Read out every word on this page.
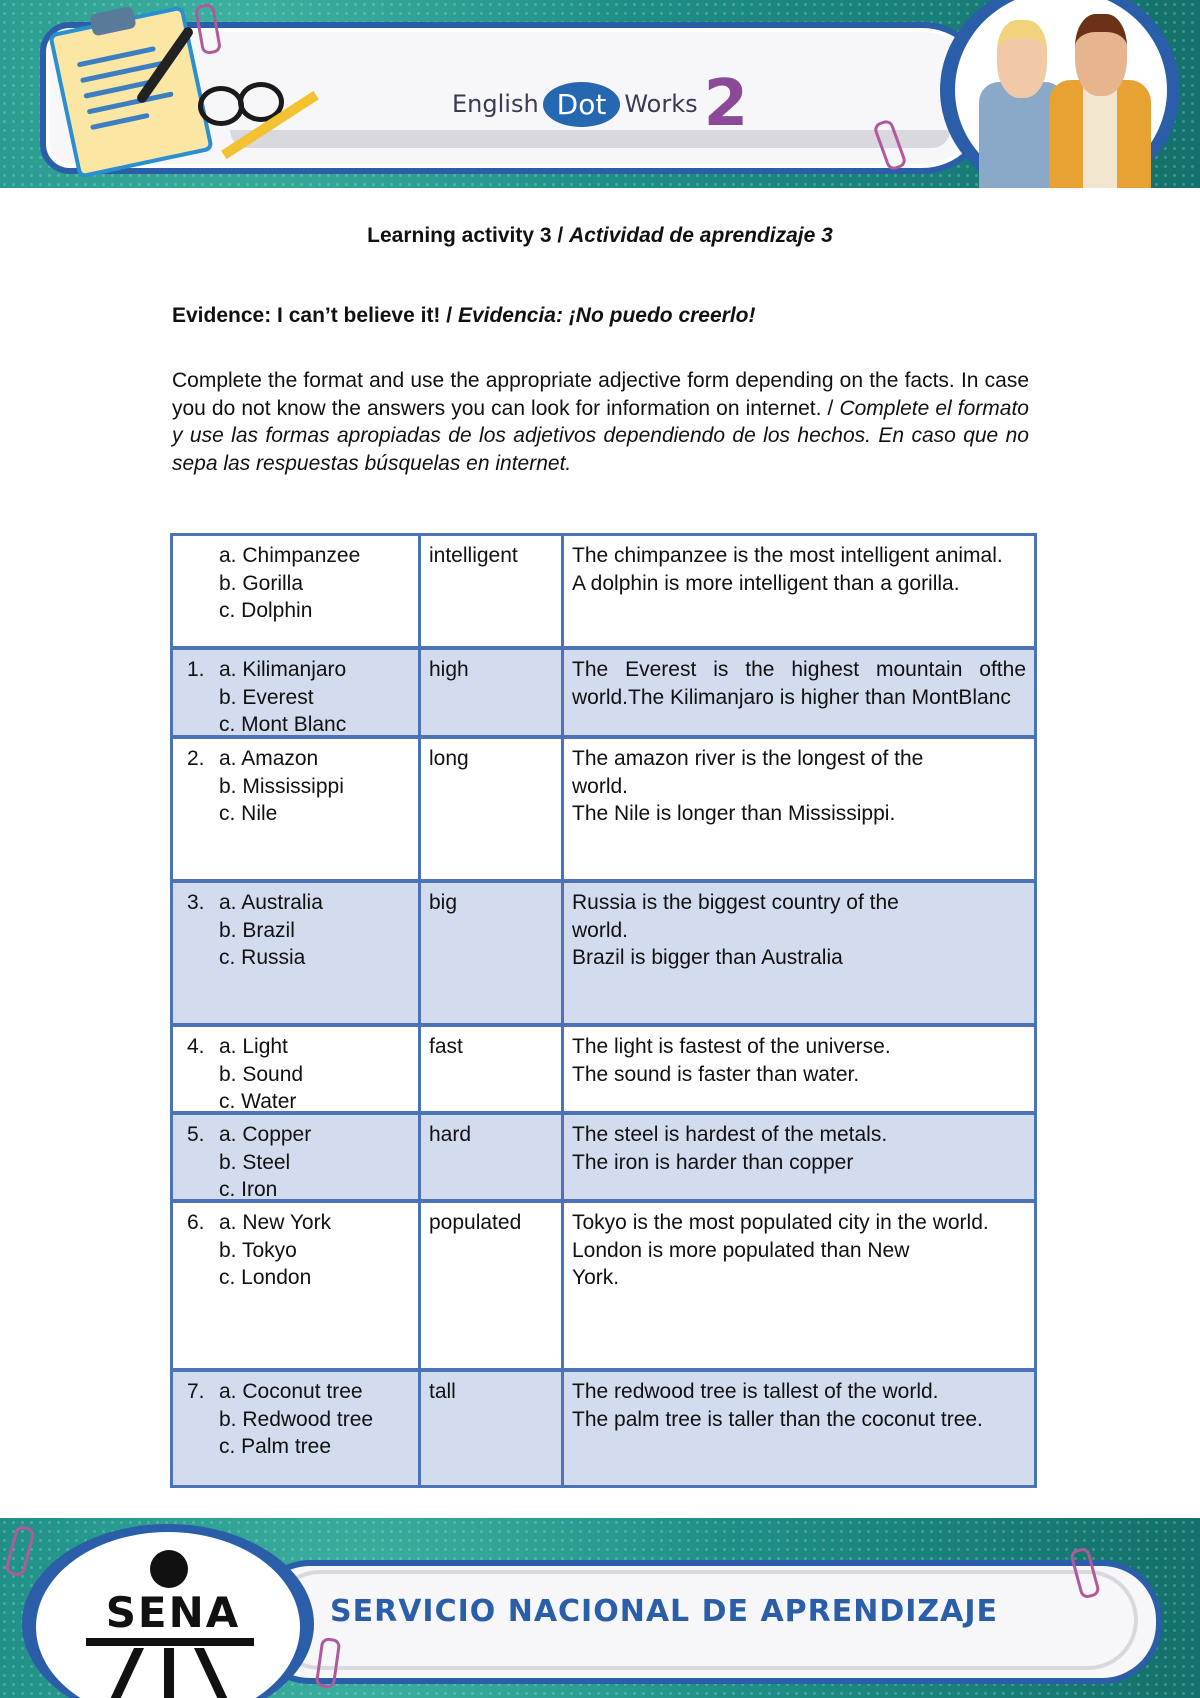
English Dot Works 2
Learning activity 3 / Actividad de aprendizaje 3
Evidence: I can’t believe it! / Evidencia: ¡No puedo creerlo!
Complete the format and use the appropriate adjective form depending on the facts. In case you do not know the answers you can look for information on internet. / Complete el formato y use las formas apropiadas de los adjetivos dependiendo de los hechos. En caso que no sepa las respuestas búsquelas en internet.
a. Chimpanzee
b. Gorilla
c. Dolphin
intelligent	The chimpanzee is the most intelligent animal.
A dolphin is more intelligent than a gorilla.
1. a. Kilimanjaro
b. Everest
c. Mont Blanc
high	The Everest is the highest mountain ofthe world.The Kilimanjaro is higher than MontBlanc
2. a. Amazon
b. Mississippi
c. Nile
long	The amazon river is the longest of the
world.
The Nile is longer than Mississippi.
3. a. Australia
b. Brazil
c. Russia
big	Russia is the biggest country of the
world.
Brazil is bigger than Australia
4. a. Light
b. Sound
c. Water
fast	The light is fastest of the universe.
The sound is faster than water.
5. a. Copper
b. Steel
c. Iron
hard	The steel is hardest of the metals.
The iron is harder than copper
6. a. New York
b. Tokyo
c. London
populated	Tokyo is the most populated city in the world.
London is more populated than New
York.
7. a. Coconut tree
b. Redwood tree
c. Palm tree
tall	The redwood tree is tallest of the world.
The palm tree is taller than the coconut tree.
SERVICIO NACIONAL DE APRENDIZAJE
SENA
